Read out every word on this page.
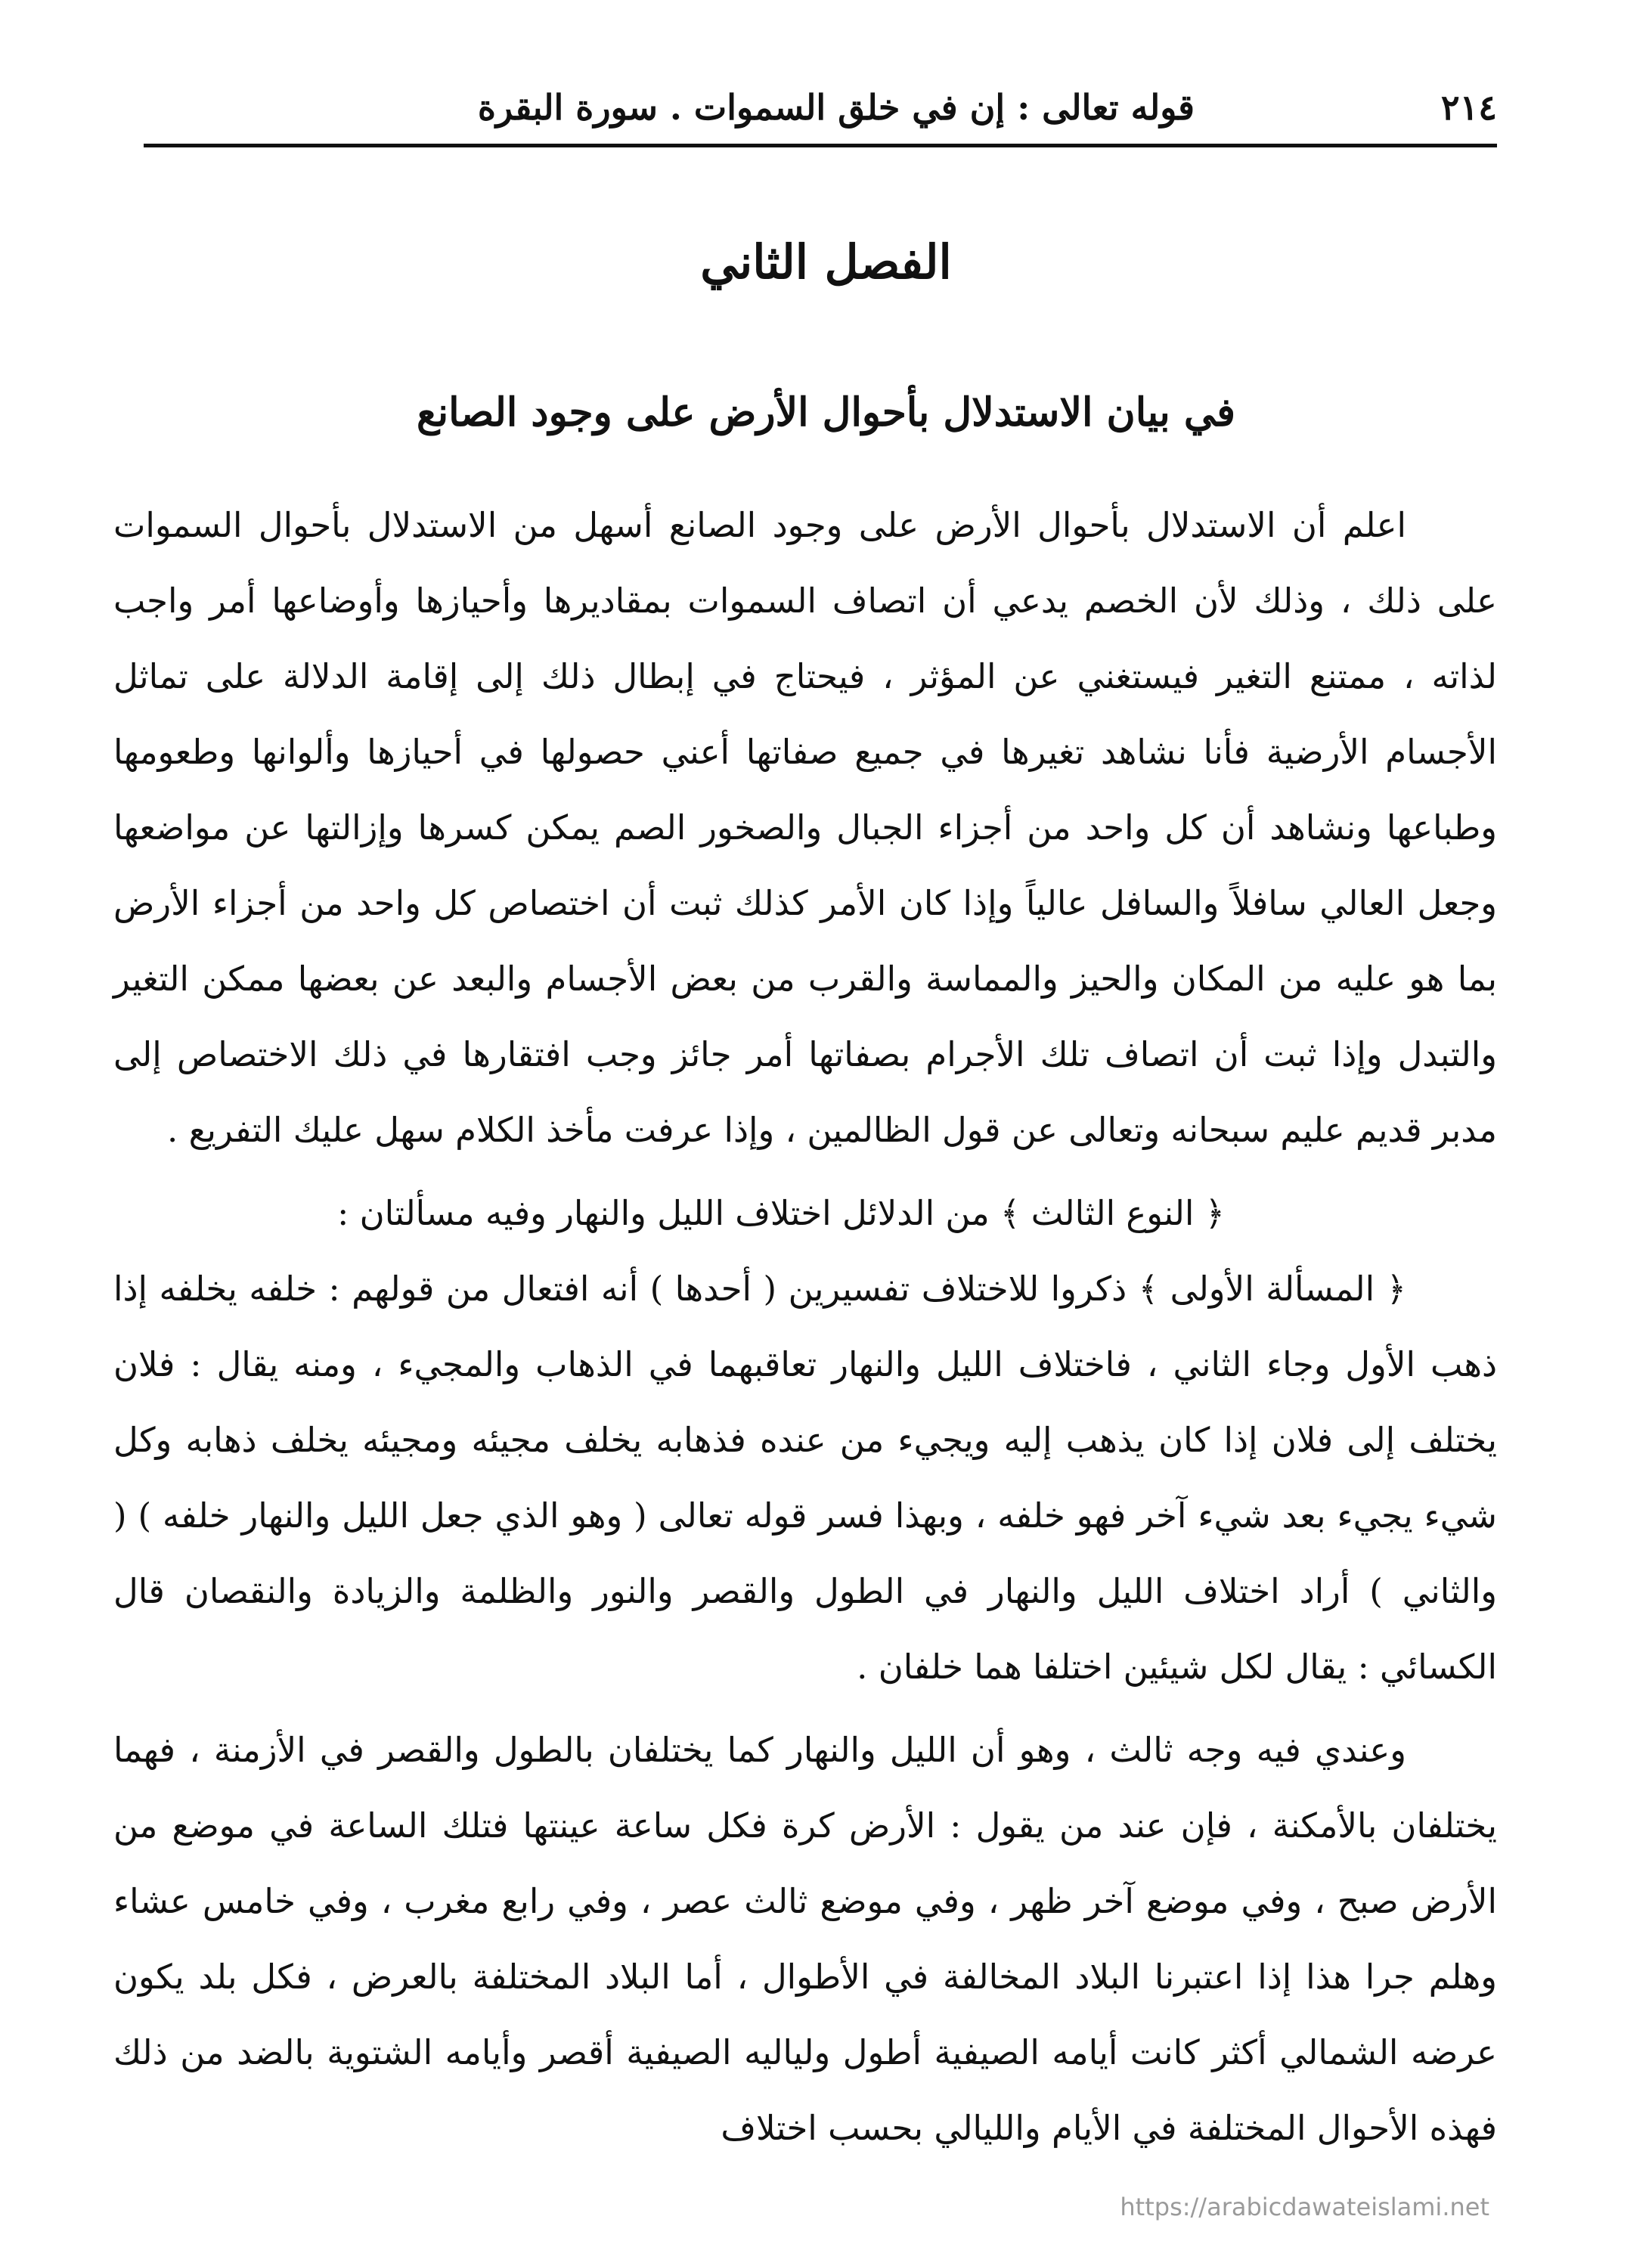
٢١٤
قوله تعالى : إن في خلق السموات . سورة البقرة
الفصل الثاني
في بيان الاستدلال بأحوال الأرض على وجود الصانع

اعلم أن الاستدلال بأحوال الأرض على وجود الصانع أسهل من الاستدلال بأحوال السموات على ذلك ، وذلك لأن الخصم يدعي أن اتصاف السموات بمقاديرها وأحيازها وأوضاعها أمر واجب لذاته ، ممتنع التغير فيستغني عن المؤثر ، فيحتاج في إبطال ذلك إلى إقامة الدلالة على تماثل الأجسام الأرضية فأنا نشاهد تغيرها في جميع صفاتها أعني حصولها في أحيازها وألوانها وطعومها وطباعها ونشاهد أن كل واحد من أجزاء الجبال والصخور الصم يمكن كسرها وإزالتها عن مواضعها وجعل العالي سافلاً والسافل عالياً وإذا كان الأمر كذلك ثبت أن اختصاص كل واحد من أجزاء الأرض بما هو عليه من المكان والحيز والمماسة والقرب من بعض الأجسام والبعد عن بعضها ممكن التغير والتبدل وإذا ثبت أن اتصاف تلك الأجرام بصفاتها أمر جائز وجب افتقارها في ذلك الاختصاص إلى مدبر قديم عليم سبحانه وتعالى عن قول الظالمين ، وإذا عرفت مأخذ الكلام سهل عليك التفريع .

﴿ النوع الثالث ﴾ من الدلائل اختلاف الليل والنهار وفيه مسألتان :

﴿ المسألة الأولى ﴾ ذكروا للاختلاف تفسيرين ( أحدها ) أنه افتعال من قولهم : خلفه يخلفه إذا ذهب الأول وجاء الثاني ، فاختلاف الليل والنهار تعاقبهما في الذهاب والمجيء ، ومنه يقال : فلان يختلف إلى فلان إذا كان يذهب إليه ويجيء من عنده فذهابه يخلف مجيئه ومجيئه يخلف ذهابه وكل شيء يجيء بعد شيء آخر فهو خلفه ، وبهذا فسر قوله تعالى ( وهو الذي جعل الليل والنهار خلفه ) ( والثاني ) أراد اختلاف الليل والنهار في الطول والقصر والنور والظلمة والزيادة والنقصان قال الكسائي : يقال لكل شيئين اختلفا هما خلفان .

وعندي فيه وجه ثالث ، وهو أن الليل والنهار كما يختلفان بالطول والقصر في الأزمنة ، فهما يختلفان بالأمكنة ، فإن عند من يقول : الأرض كرة فكل ساعة عينتها فتلك الساعة في موضع من الأرض صبح ، وفي موضع آخر ظهر ، وفي موضع ثالث عصر ، وفي رابع مغرب ، وفي خامس عشاء وهلم جرا هذا إذا اعتبرنا البلاد المخالفة في الأطوال ، أما البلاد المختلفة بالعرض ، فكل بلد يكون عرضه الشمالي أكثر كانت أيامه الصيفية أطول ولياليه الصيفية أقصر وأيامه الشتوية بالضد من ذلك فهذه الأحوال المختلفة في الأيام والليالي بحسب اختلاف

https://arabicdawateislami.net
